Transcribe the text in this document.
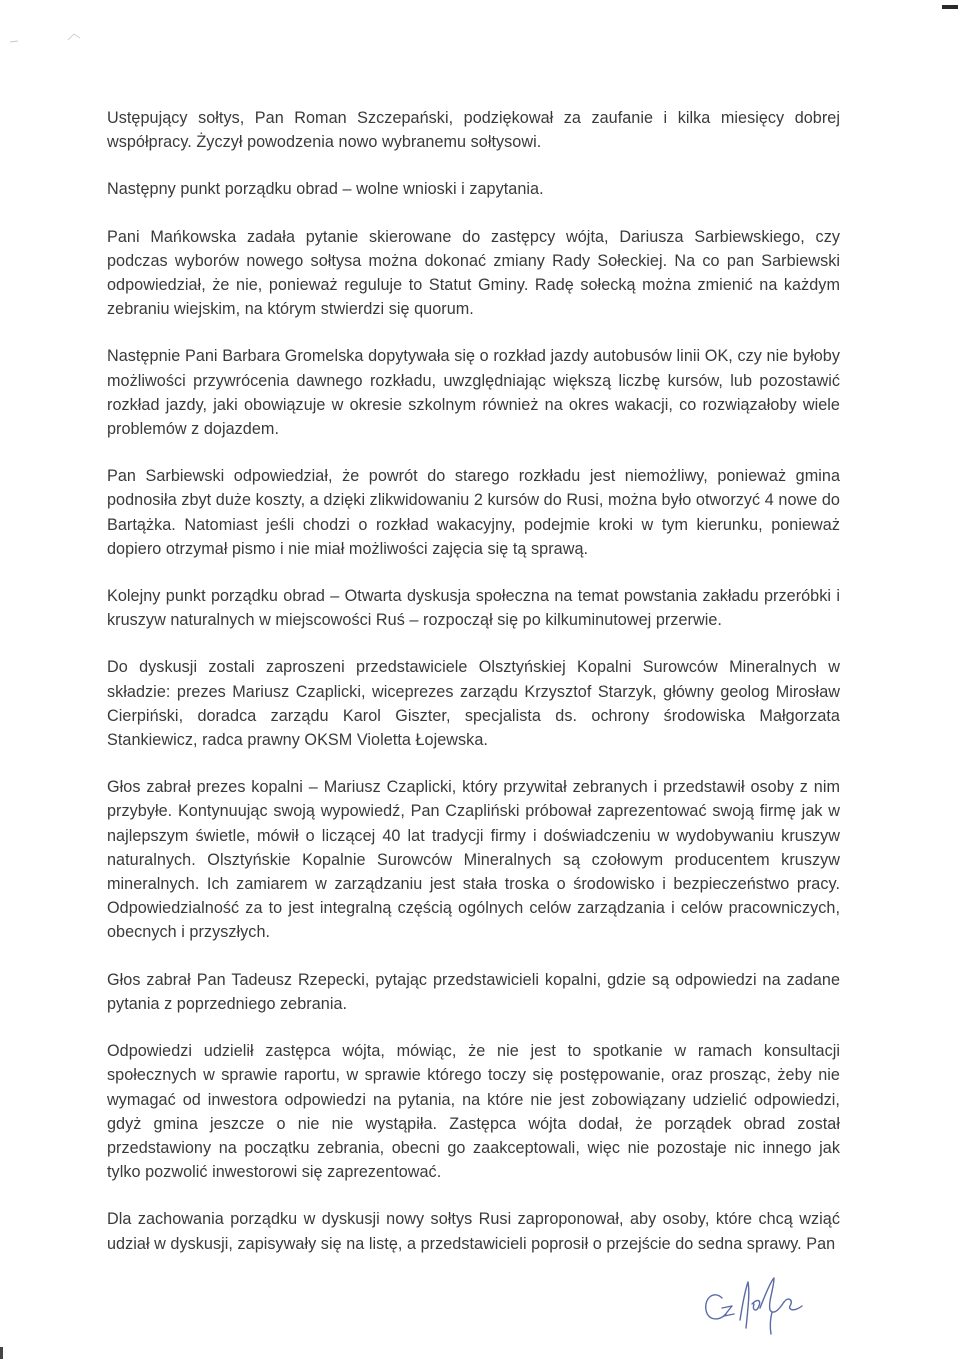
Ustępujący sołtys, Pan Roman Szczepański, podziękował za zaufanie i kilka miesięcy dobrej współpracy. Życzył powodzenia nowo wybranemu sołtysowi.

Następny punkt porządku obrad – wolne wnioski i zapytania.

Pani Mańkowska zadała pytanie skierowane do zastępcy wójta, Dariusza Sarbiewskiego, czy podczas wyborów nowego sołtysa można dokonać zmiany Rady Sołeckiej. Na co pan Sarbiewski odpowiedział, że nie, ponieważ reguluje to Statut Gminy. Radę sołecką można zmienić na każdym zebraniu wiejskim, na którym stwierdzi się quorum.

Następnie Pani Barbara Gromelska dopytywała się o rozkład jazdy autobusów linii OK, czy nie byłoby możliwości przywrócenia dawnego rozkładu, uwzględniając większą liczbę kursów, lub pozostawić rozkład jazdy, jaki obowiązuje w okresie szkolnym również na okres wakacji, co rozwiązałoby wiele problemów z dojazdem.

Pan Sarbiewski odpowiedział, że powrót do starego rozkładu jest niemożliwy, ponieważ gmina podnosiła zbyt duże koszty, a dzięki zlikwidowaniu 2 kursów do Rusi, można było otworzyć 4 nowe do Bartążka. Natomiast jeśli chodzi o rozkład wakacyjny, podejmie kroki w tym kierunku, ponieważ dopiero otrzymał pismo i nie miał możliwości zajęcia się tą sprawą.

Kolejny punkt porządku obrad – Otwarta dyskusja społeczna na temat powstania zakładu przeróbki i kruszyw naturalnych w miejscowości Ruś – rozpoczął się po kilkuminutowej przerwie.

Do dyskusji zostali zaproszeni przedstawiciele Olsztyńskiej Kopalni Surowców Mineralnych w składzie: prezes Mariusz Czaplicki, wiceprezes zarządu Krzysztof Starzyk, główny geolog Mirosław Cierpiński, doradca zarządu Karol Giszter, specjalista ds. ochrony środowiska Małgorzata Stankiewicz, radca prawny OKSM Violetta Łojewska.

Głos zabrał prezes kopalni – Mariusz Czaplicki, który przywitał zebranych i przedstawił osoby z nim przybyłe. Kontynuując swoją wypowiedź, Pan Czapliński próbował zaprezentować swoją firmę jak w najlepszym świetle, mówił o liczącej 40 lat tradycji firmy i doświadczeniu w wydobywaniu kruszyw naturalnych. Olsztyńskie Kopalnie Surowców Mineralnych są czołowym producentem kruszyw mineralnych. Ich zamiarem w zarządzaniu jest stała troska o środowisko i bezpieczeństwo pracy. Odpowiedzialność za to jest integralną częścią ogólnych celów zarządzania i celów pracowniczych, obecnych i przyszłych.

Głos zabrał Pan Tadeusz Rzepecki, pytając przedstawicieli kopalni, gdzie są odpowiedzi na zadane pytania z poprzedniego zebrania.

Odpowiedzi udzielił zastępca wójta, mówiąc, że nie jest to spotkanie w ramach konsultacji społecznych w sprawie raportu, w sprawie którego toczy się postępowanie, oraz prosząc, żeby nie wymagać od inwestora odpowiedzi na pytania, na które nie jest zobowiązany udzielić odpowiedzi, gdyż gmina jeszcze o nie nie wystąpiła. Zastępca wójta dodał, że porządek obrad został przedstawiony na początku zebrania, obecni go zaakceptowali, więc nie pozostaje nic innego jak tylko pozwolić inwestorowi się zaprezentować.

Dla zachowania porządku w dyskusji nowy sołtys Rusi zaproponował, aby osoby, które chcą wziąć udział w dyskusji, zapisywały się na listę, a przedstawicieli poprosił o przejście do sedna sprawy. Pan
